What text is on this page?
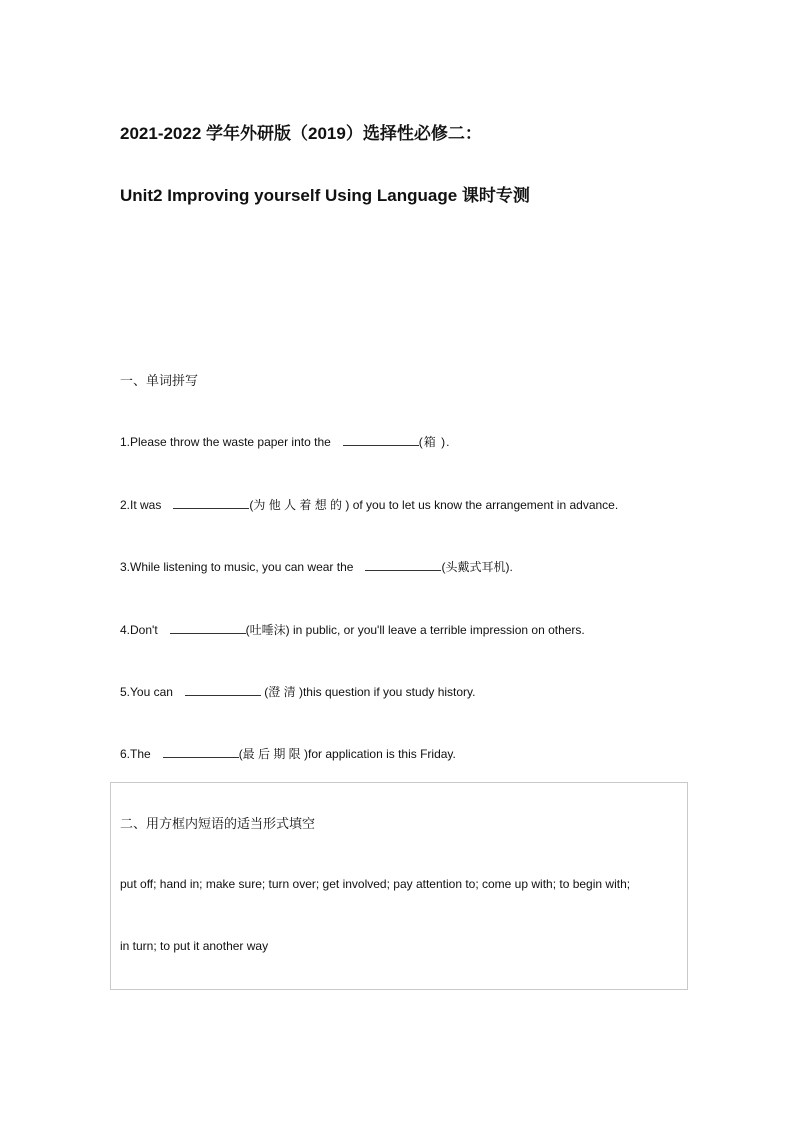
2021-2022 学年外研版（2019）选择性必修二：
Unit2 Improving yourself Using Language 课时专测
一、单词拼写
1.Please throw the waste paper into the	(箱 ).
2.It was	(为 他 人 着 想 的 ) of you to let us know the arrangement in advance.
3.While listening to music, you can wear the	(头戴式耳机).
4.Don't	(吐唾沫) in public, or you'll leave a terrible impression on others.
5.You can	(澄 清 )this question if you study history.
6.The	(最 后 期 限 )for application is this Friday.
二、用方框内短语的适当形式填空
put off; hand in; make sure; turn over; get involved; pay attention to; come up with; to begin with;
in turn; to put it another way
